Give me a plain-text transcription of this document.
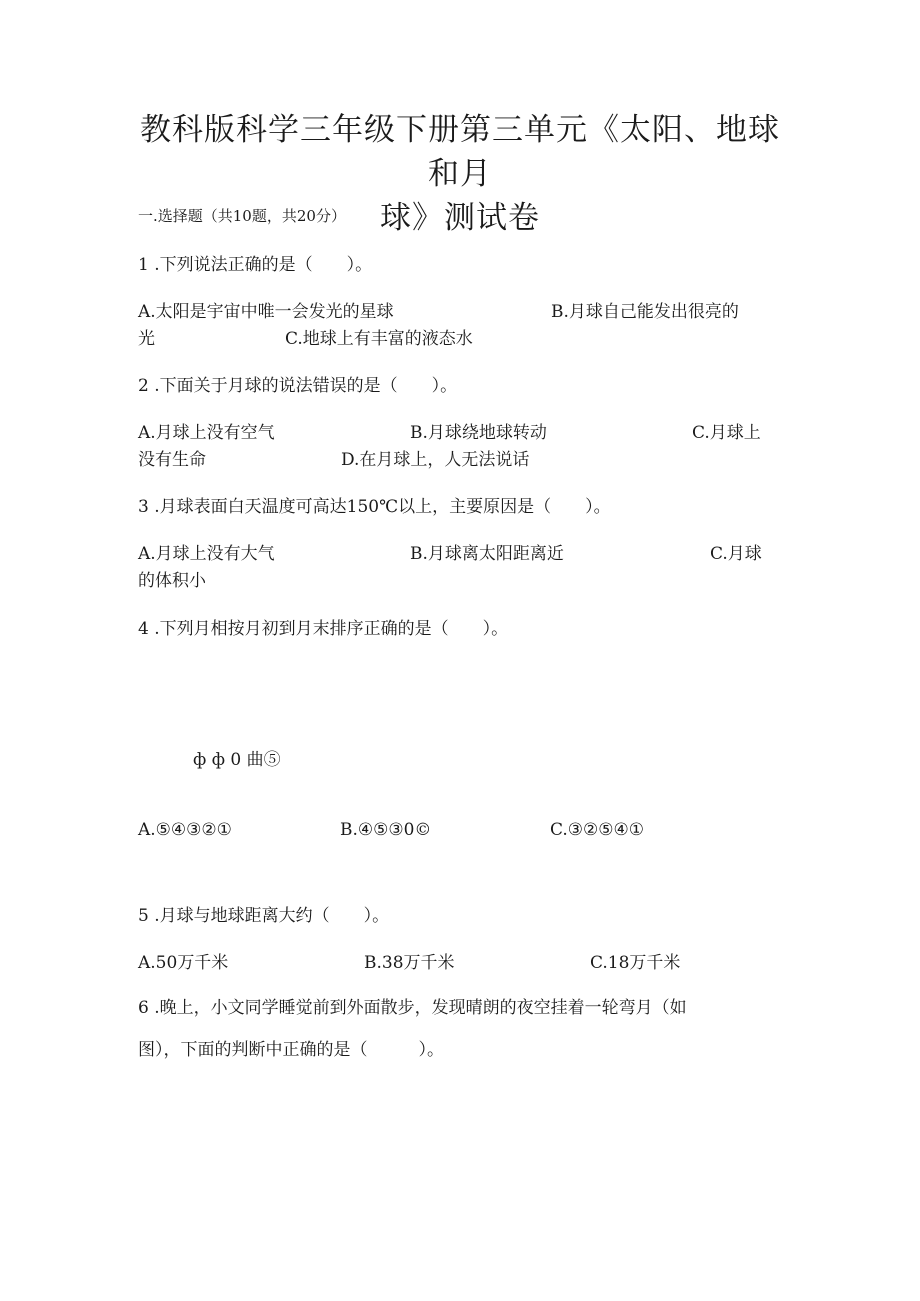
教科版科学三年级下册第三单元《太阳、地球和月
球》测试卷
一.选择题（共10题，共20分）
1 .下列说法正确的是（　　）。
A.太阳是宇宙中唯一会发光的星球	B.月球自己能发出很亮的
光	C.地球上有丰富的液态水
2 .下面关于月球的说法错误的是（　　）。
A.月球上没有空气	B.月球绕地球转动	C.月球上
没有生命	D.在月球上，人无法说话
3 .月球表面白天温度可高达150℃以上，主要原因是（　　）。
A.月球上没有大气	B.月球离太阳距离近	C.月球
的体积小
4 .下列月相按月初到月末排序正确的是（　　）。
ф ф 0 曲⑤
A.⑤④③②①	B.④⑤③0©	C.③②⑤④①
5 .月球与地球距离大约（　　）。
A.50万千米	B.38万千米	C.18万千米
6 .晚上，小文同学睡觉前到外面散步，发现晴朗的夜空挂着一轮弯月（如
图），下面的判断中正确的是（　　　）。
